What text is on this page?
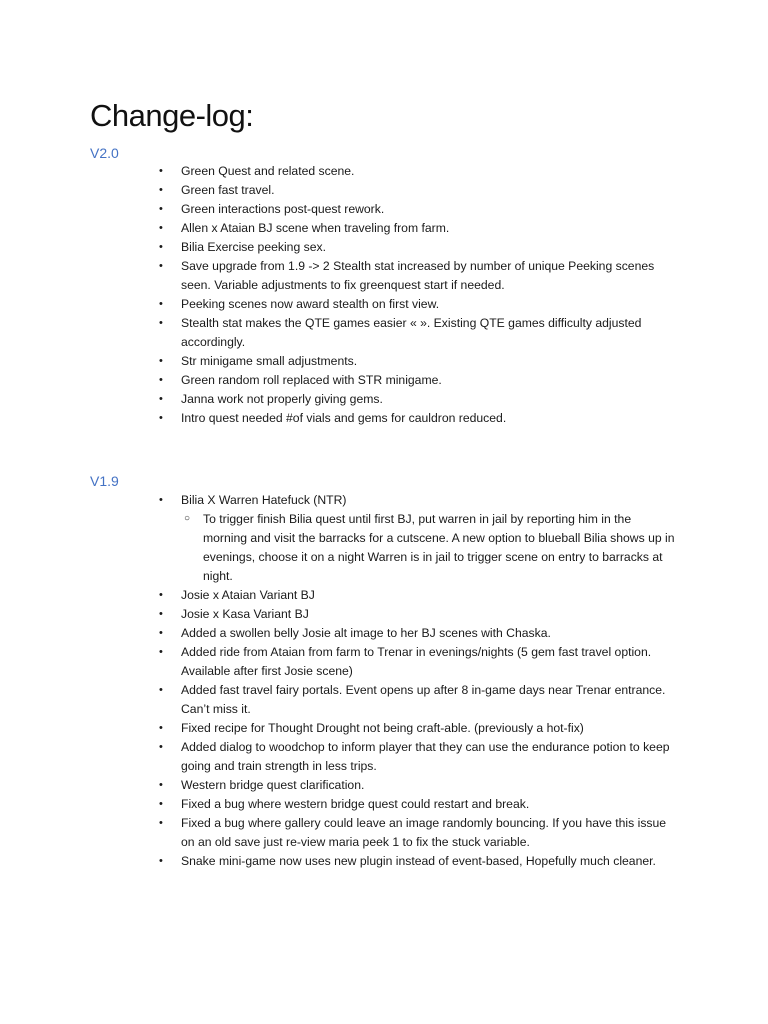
Change-log:
V2.0
• Green Quest and related scene.
• Green fast travel.
• Green interactions post-quest rework.
• Allen x Ataian BJ scene when traveling from farm.
• Bilia Exercise peeking sex.
• Save upgrade from 1.9 -> 2 Stealth stat increased by number of unique Peeking scenes seen. Variable adjustments to fix greenquest start if needed.
• Peeking scenes now award stealth on first view.
• Stealth stat makes the QTE games easier « ». Existing QTE games difficulty adjusted accordingly.
• Str minigame small adjustments.
• Green random roll replaced with STR minigame.
• Janna work not properly giving gems.
• Intro quest needed #of vials and gems for cauldron reduced.
V1.9
• Bilia X Warren Hatefuck (NTR)
○ To trigger finish Bilia quest until first BJ, put warren in jail by reporting him in the morning and visit the barracks for a cutscene. A new option to blueball Bilia shows up in evenings, choose it on a night Warren is in jail to trigger scene on entry to barracks at night.
• Josie x Ataian Variant BJ
• Josie x Kasa Variant BJ
• Added a swollen belly Josie alt image to her BJ scenes with Chaska.
• Added ride from Ataian from farm to Trenar in evenings/nights (5 gem fast travel option. Available after first Josie scene)
• Added fast travel fairy portals. Event opens up after 8 in-game days near Trenar entrance. Can’t miss it.
• Fixed recipe for Thought Drought not being craft-able. (previously a hot-fix)
• Added dialog to woodchop to inform player that they can use the endurance potion to keep going and train strength in less trips.
• Western bridge quest clarification.
• Fixed a bug where western bridge quest could restart and break.
• Fixed a bug where gallery could leave an image randomly bouncing. If you have this issue on an old save just re-view maria peek 1 to fix the stuck variable.
• Snake mini-game now uses new plugin instead of event-based, Hopefully much cleaner.
